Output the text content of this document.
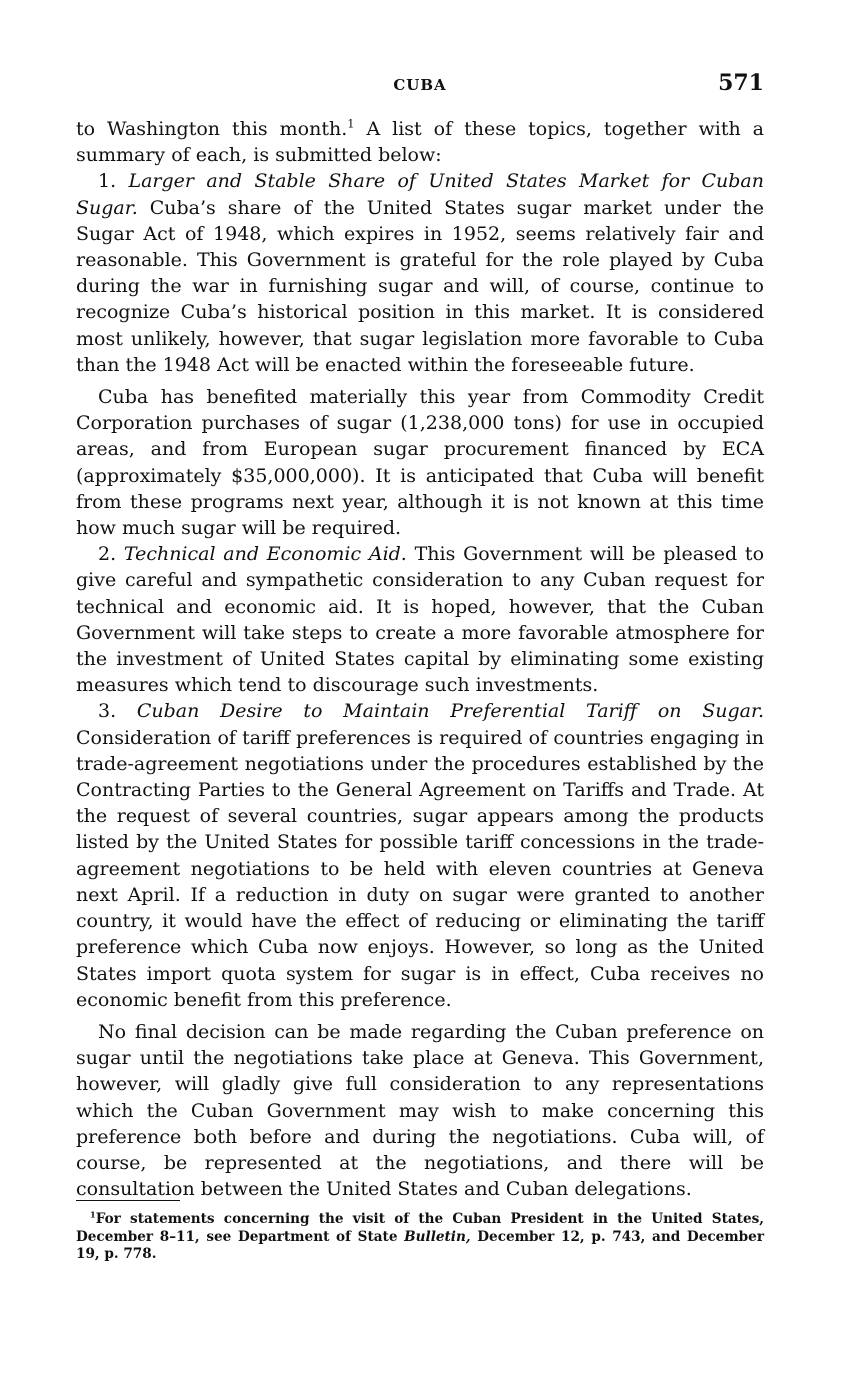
CUBA	571

to Washington this month.$^1$ A list of these topics, together with a summary of each, is submitted below:

1. Larger and Stable Share of United States Market for Cuban Sugar. Cuba’s share of the United States sugar market under the Sugar Act of 1948, which expires in 1952, seems relatively fair and reasonable. This Government is grateful for the role played by Cuba during the war in furnishing sugar and will, of course, continue to recognize Cuba’s historical position in this market. It is considered most unlikely, however, that sugar legislation more favorable to Cuba than the 1948 Act will be enacted within the foreseeable future.

Cuba has benefited materially this year from Commodity Credit Corporation purchases of sugar (1,238,000 tons) for use in occupied areas, and from European sugar procurement financed by ECA (approximately $35,000,000). It is anticipated that Cuba will benefit from these programs next year, although it is not known at this time how much sugar will be required.

2. Technical and Economic Aid. This Government will be pleased to give careful and sympathetic consideration to any Cuban request for technical and economic aid. It is hoped, however, that the Cuban Government will take steps to create a more favorable atmosphere for the investment of United States capital by eliminating some existing measures which tend to discourage such investments.

3. Cuban Desire to Maintain Preferential Tariff on Sugar. Consideration of tariff preferences is required of countries engaging in trade-agreement negotiations under the procedures established by the Contracting Parties to the General Agreement on Tariffs and Trade. At the request of several countries, sugar appears among the products listed by the United States for possible tariff concessions in the trade-agreement negotiations to be held with eleven countries at Geneva next April. If a reduction in duty on sugar were granted to another country, it would have the effect of reducing or eliminating the tariff preference which Cuba now enjoys. However, so long as the United States import quota system for sugar is in effect, Cuba receives no economic benefit from this preference.

No final decision can be made regarding the Cuban preference on sugar until the negotiations take place at Geneva. This Government, however, will gladly give full consideration to any representations which the Cuban Government may wish to make concerning this preference both before and during the negotiations. Cuba will, of course, be represented at the negotiations, and there will be consultation between the United States and Cuban delegations.

$^1$For statements concerning the visit of the Cuban President in the United States, December 8–11, see Department of State Bulletin, December 12, p. 743, and December 19, p. 778.
